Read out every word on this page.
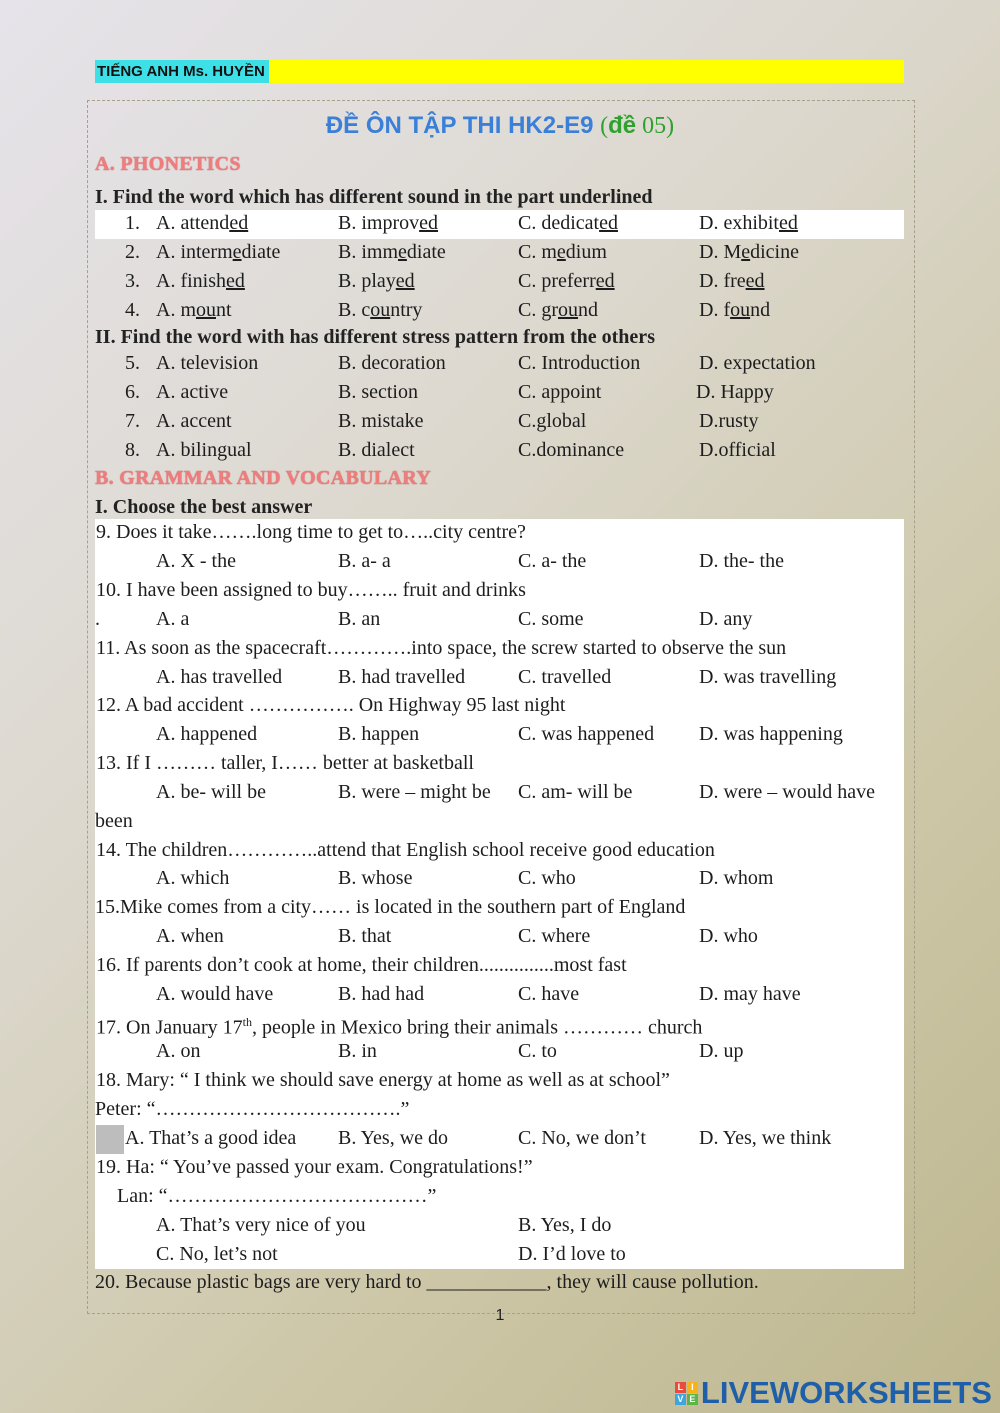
TIẾNG ANH Ms. HUYỀN
ĐỀ ÔN TẬP THI HK2-E9 (đề 05)
A. PHONETICS
I. Find the word which has different sound in the part underlined
1. A. attended	B. improved	C. dedicated	D. exhibited
2. A. intermediate	B. immediate	C. medium	D. Medicine
3. A. finished	B. played	C. preferred	D. freed
4. A. mount	B. country	C. ground	D. found
II. Find the word with has different stress pattern from the others
5. A. television	B. decoration	C. Introduction	D. expectation
6. A. active	B. section	C. appoint	D. Happy
7. A. accent	B. mistake	C.global	D.rusty
8. A. bilingual	B. dialect	C.dominance	D.official
B. GRAMMAR AND VOCABULARY
I. Choose the best answer
9. Does it take…….long time to get to…..city centre?
A. X - the	B. a- a	C. a- the	D. the- the
10. I have been assigned to buy…….. fruit and drinks
.	A. a	B. an	C. some	D. any
11. As soon as the spacecraft………….into space, the screw started to observe the sun
A. has travelled	B. had travelled	C. travelled	D. was travelling
12. A bad accident ……………. On Highway 95 last night
A. happened	B. happen	C. was happened D. was happening
13. If I ……… taller, I…… better at basketball
A. be- will be	B. were – might be C. am- will be	D. were – would have
been
14. The children…………..attend that English school receive good education
A. which	B. whose	C. who	D. whom
15.Mike comes from a city…… is located in the southern part of England
A. when	B. that	C. where	D. who
16. If parents don’t cook at home, their children...............most fast
A. would have	B. had had	C. have	D. may have
17. On January 17th, people in Mexico bring their animals ………… church
A. on	B. in	C. to	D. up
18. Mary: “ I think we should save energy at home as well as at school”
Peter: “……………………………….”
A. That’s a good idea B. Yes, we do	C. No, we don’t	D. Yes, we think
19. Ha: “ You’ve passed your exam. Congratulations!”
Lan: “…………………………………”
A. That’s very nice of you	B. Yes, I do
C. No, let’s not	D. I’d love to
20. Because plastic bags are very hard to ____________, they will cause pollution.
1
L I
V E LIVEWORKSHEETS
